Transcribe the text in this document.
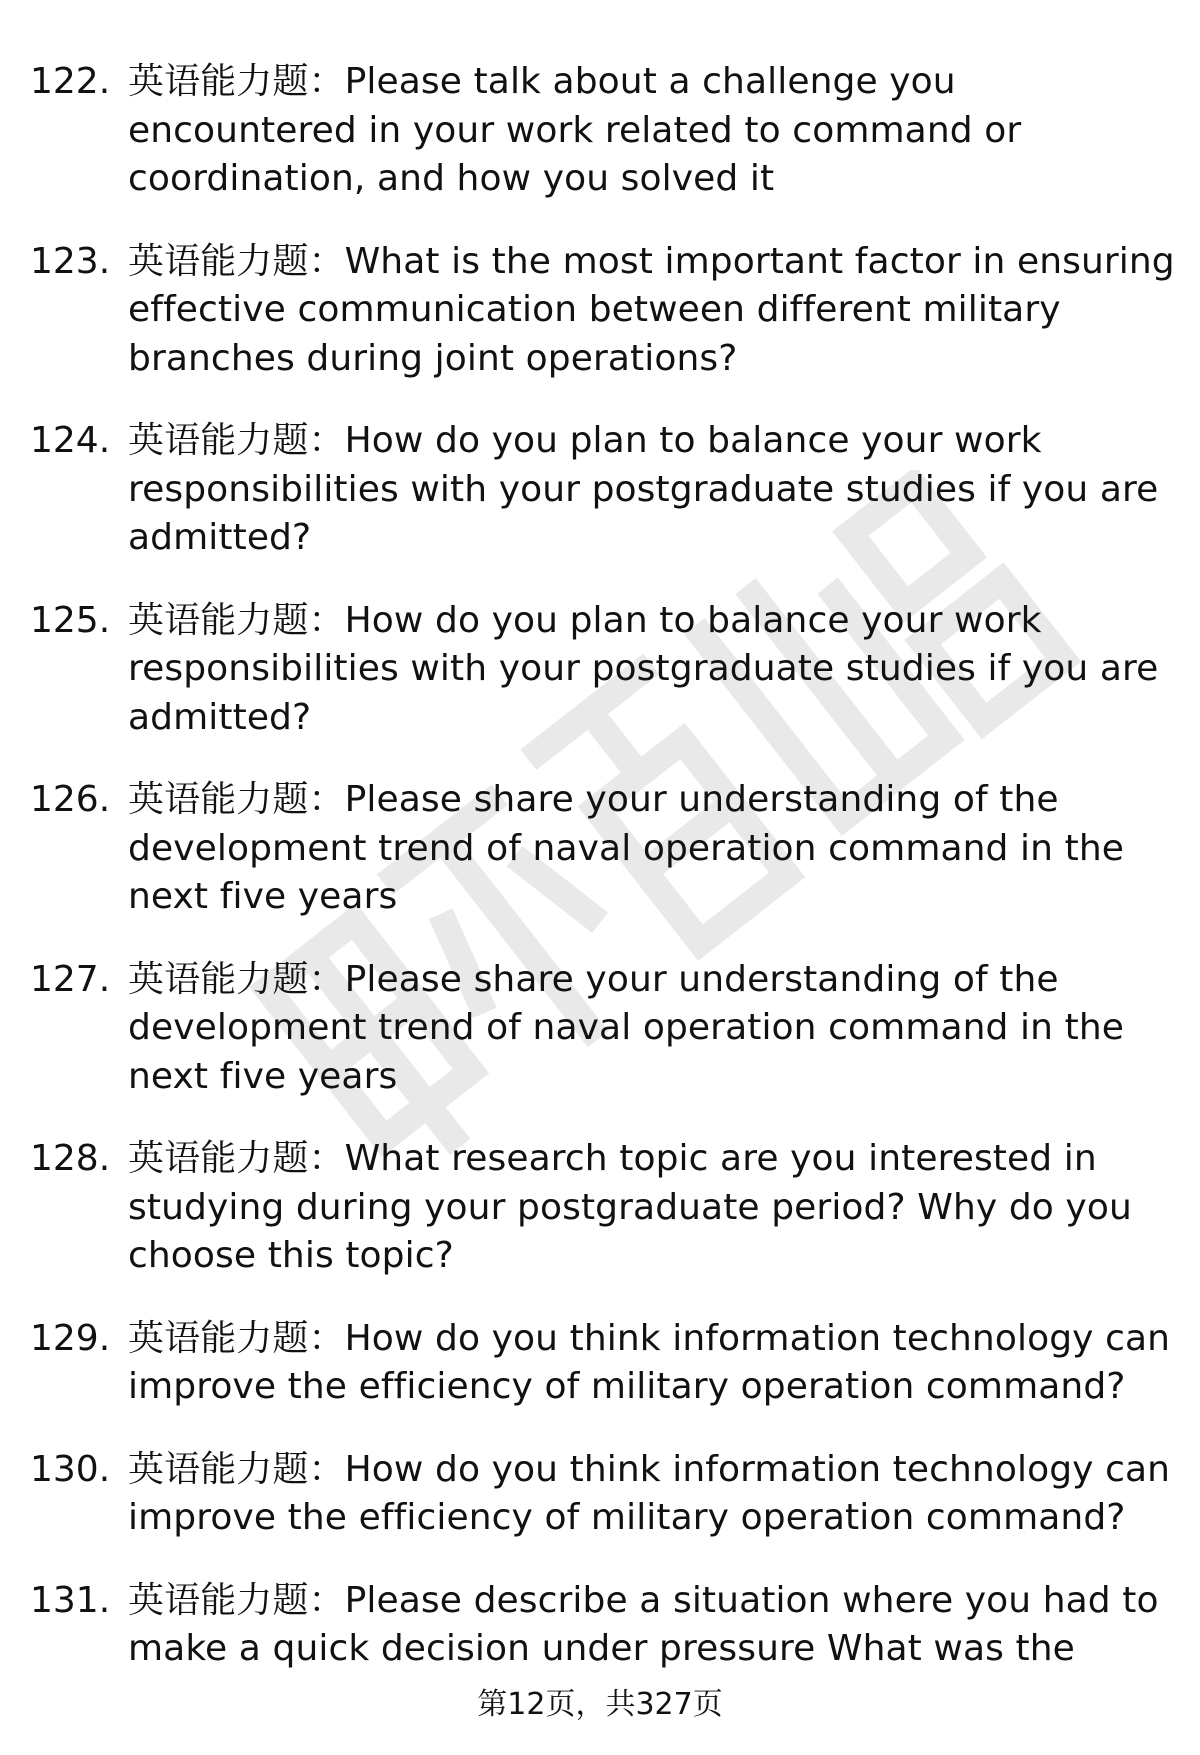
122. 英语能力题：Please talk about a challenge you encountered in your work related to command or coordination, and how you solved it
123. 英语能力题：What is the most important factor in ensuring effective communication between different military branches during joint operations?
124. 英语能力题：How do you plan to balance your work responsibilities with your postgraduate studies if you are admitted?
125. 英语能力题：How do you plan to balance your work responsibilities with your postgraduate studies if you are admitted?
126. 英语能力题：Please share your understanding of the development trend of naval operation command in the next five years
127. 英语能力题：Please share your understanding of the development trend of naval operation command in the next five years
128. 英语能力题：What research topic are you interested in studying during your postgraduate period? Why do you choose this topic?
129. 英语能力题：How do you think information technology can improve the efficiency of military operation command?
130. 英语能力题：How do you think information technology can improve the efficiency of military operation command?
131. 英语能力题：Please describe a situation where you had to make a quick decision under pressure What was the
第12页，共327页
